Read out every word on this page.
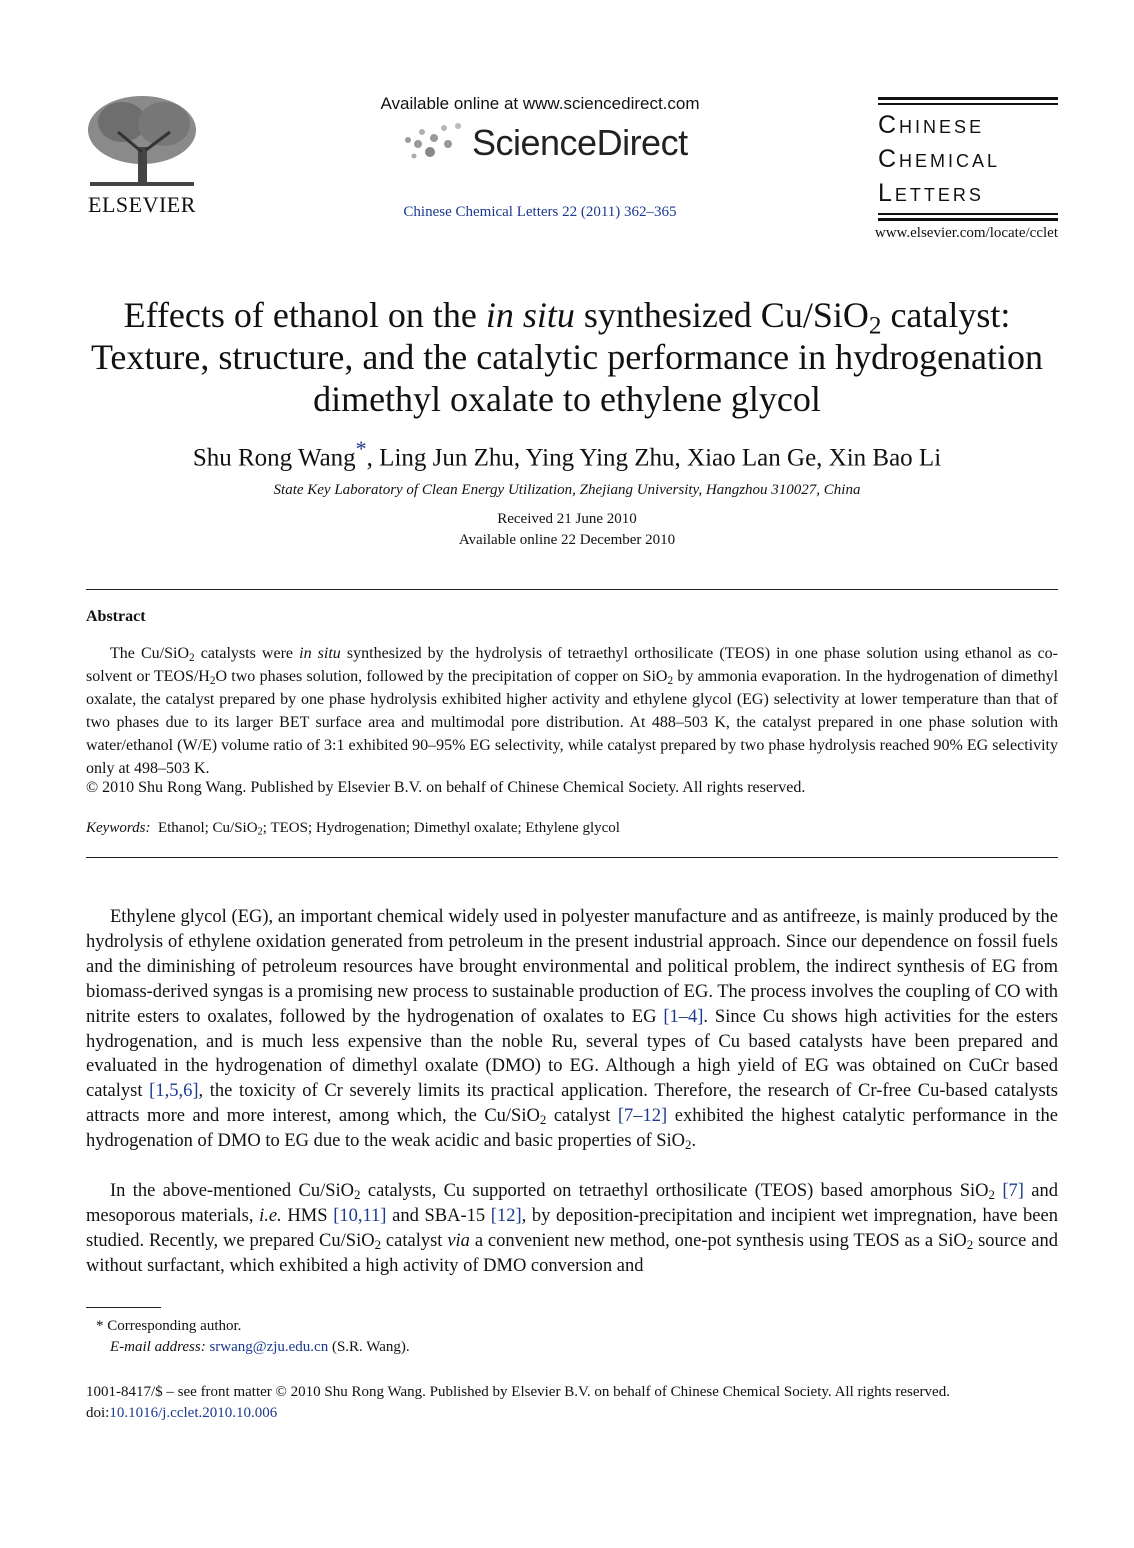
ELSEVIER
Available online at www.sciencedirect.com
ScienceDirect
Chinese Chemical Letters 22 (2011) 362–365
Chinese
Chemical
Letters
www.elsevier.com/locate/cclet
Effects of ethanol on the in situ synthesized Cu/SiO$_2$ catalyst:
Texture, structure, and the catalytic performance in hydrogenation
dimethyl oxalate to ethylene glycol
Shu Rong Wang*, Ling Jun Zhu, Ying Ying Zhu, Xiao Lan Ge, Xin Bao Li
State Key Laboratory of Clean Energy Utilization, Zhejiang University, Hangzhou 310027, China
Received 21 June 2010
Available online 22 December 2010
Abstract
The Cu/SiO$_2$ catalysts were in situ synthesized by the hydrolysis of tetraethyl orthosilicate (TEOS) in one phase solution using ethanol as co-solvent or TEOS/$H_2O$ two phases solution, followed by the precipitation of copper on SiO$_2$ by ammonia evaporation. In the hydrogenation of dimethyl oxalate, the catalyst prepared by one phase hydrolysis exhibited higher activity and ethylene glycol (EG) selectivity at lower temperature than that of two phases due to its larger BET surface area and multimodal pore distribution. At 488–503 K, the catalyst prepared in one phase solution with water/ethanol (W/E) volume ratio of 3:1 exhibited 90–95% EG selectivity, while catalyst prepared by two phase hydrolysis reached 90% EG selectivity only at 498–503 K.
© 2010 Shu Rong Wang. Published by Elsevier B.V. on behalf of Chinese Chemical Society. All rights reserved.
Keywords:  Ethanol; Cu/SiO$_2$; TEOS; Hydrogenation; Dimethyl oxalate; Ethylene glycol
Ethylene glycol (EG), an important chemical widely used in polyester manufacture and as antifreeze, is mainly produced by the hydrolysis of ethylene oxidation generated from petroleum in the present industrial approach. Since our dependence on fossil fuels and the diminishing of petroleum resources have brought environmental and political problem, the indirect synthesis of EG from biomass-derived syngas is a promising new process to sustainable production of EG. The process involves the coupling of CO with nitrite esters to oxalates, followed by the hydrogenation of oxalates to EG [1–4]. Since Cu shows high activities for the esters hydrogenation, and is much less expensive than the noble Ru, several types of Cu based catalysts have been prepared and evaluated in the hydrogenation of dimethyl oxalate (DMO) to EG. Although a high yield of EG was obtained on CuCr based catalyst [1,5,6], the toxicity of Cr severely limits its practical application. Therefore, the research of Cr-free Cu-based catalysts attracts more and more interest, among which, the Cu/SiO$_2$ catalyst [7–12] exhibited the highest catalytic performance in the hydrogenation of DMO to EG due to the weak acidic and basic properties of SiO$_2$.
In the above-mentioned Cu/SiO$_2$ catalysts, Cu supported on tetraethyl orthosilicate (TEOS) based amorphous SiO$_2$ [7] and mesoporous materials, i.e. HMS [10,11] and SBA-15 [12], by deposition-precipitation and incipient wet impregnation, have been studied. Recently, we prepared Cu/SiO$_2$ catalyst via a convenient new method, one-pot synthesis using TEOS as a SiO$_2$ source and without surfactant, which exhibited a high activity of DMO conversion and
* Corresponding author.
E-mail address: srwang@zju.edu.cn (S.R. Wang).
1001-8417/$ – see front matter © 2010 Shu Rong Wang. Published by Elsevier B.V. on behalf of Chinese Chemical Society. All rights reserved.
doi:10.1016/j.cclet.2010.10.006
